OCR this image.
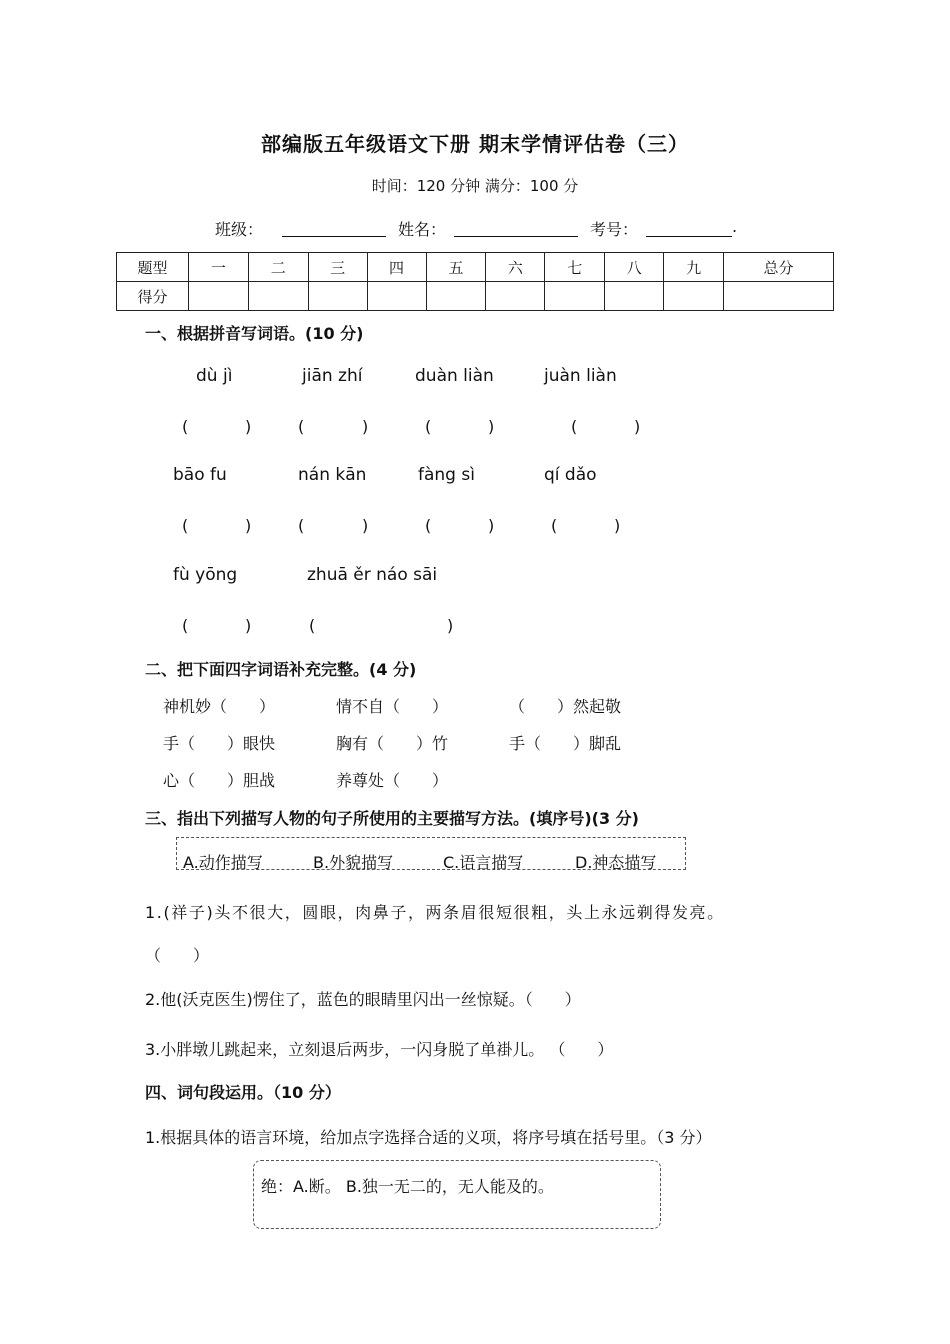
部编版五年级语文下册 期末学情评估卷（三）
时间：120 分钟 满分：100 分
班级：	姓名：	考号：	.
题型	一	二	三	四	五	六	七	八	九	总分
得分										
一、根据拼音写词语。(10 分)
dù jì	jiān zhí	duàn liàn	juàn liàn
(	)	(	)	(	)	(	)
bāo fu	nán kān	fàng sì	qí dǎo
(	)	(	)	(	)	(	)
fù yōng	zhuā ěr náo sāi
(	)	(	)
二、把下面四字词语补充完整。(4 分)
神机妙（　　）	情不自（　　）	（　　）然起敬
手（　　）眼快	胸有（　　）竹	手（　　）脚乱
心（　　）胆战	养尊处（　　）
三、指出下列描写人物的句子所使用的主要描写方法。(填序号)(3 分)
A.动作描写	B.外貌描写	C.语言描写	D.神态描写
1.(祥子)头不很大，圆眼，肉鼻子，两条眉很短很粗，头上永远剃得发亮。
（　　）
2.他(沃克医生)愣住了，蓝色的眼睛里闪出一丝惊疑。（　　）
3.小胖墩儿跳起来，立刻退后两步，一闪身脱了单褂儿。 （　　）
四、词句段运用。（10 分）
1.根据具体的语言环境，给加点字选择合适的义项，将序号填在括号里。（3 分）
绝：A.断。 B.独一无二的，无人能及的。
